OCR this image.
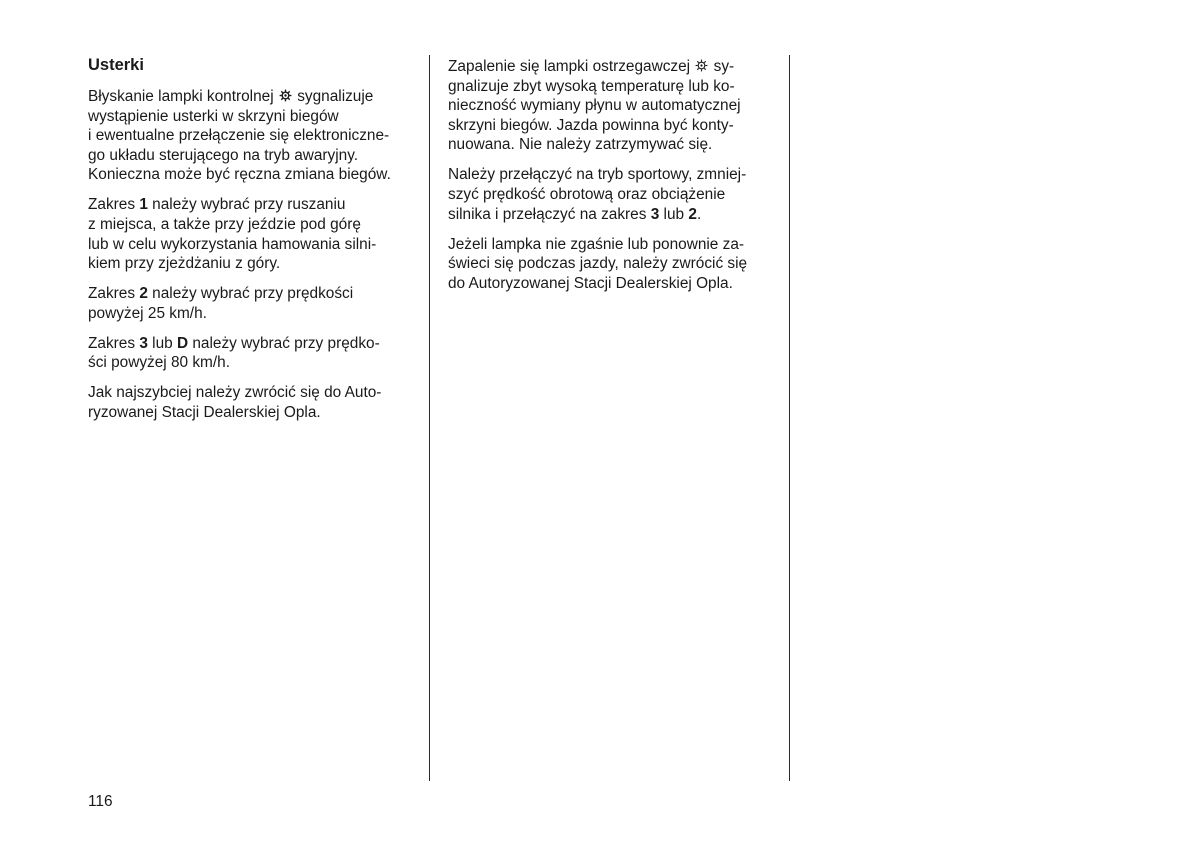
Usterki

Błyskanie lampki kontrolnej sygnalizuje
wystąpienie usterki w skrzyni biegów
i ewentualne przełączenie się elektroniczne-
go układu sterującego na tryb awaryjny.
Konieczna może być ręczna zmiana biegów.

Zakres 1 należy wybrać przy ruszaniu
z miejsca, a także przy jeździe pod górę
lub w celu wykorzystania hamowania silni-
kiem przy zjeżdżaniu z góry.

Zakres 2 należy wybrać przy prędkości
powyżej 25 km/h.

Zakres 3 lub D należy wybrać przy prędko-
ści powyżej 80 km/h.

Jak najszybciej należy zwrócić się do Auto-
ryzowanej Stacji Dealerskiej Opla.

Zapalenie się lampki ostrzegawczej sy-
gnalizuje zbyt wysoką temperaturę lub ko-
nieczność wymiany płynu w automatycznej
skrzyni biegów. Jazda powinna być konty-
nuowana. Nie należy zatrzymywać się.

Należy przełączyć na tryb sportowy, zmniej-
szyć prędkość obrotową oraz obciążenie
silnika i przełączyć na zakres 3 lub 2.

Jeżeli lampka nie zgaśnie lub ponownie za-
świeci się podczas jazdy, należy zwrócić się
do Autoryzowanej Stacji Dealerskiej Opla.

116
